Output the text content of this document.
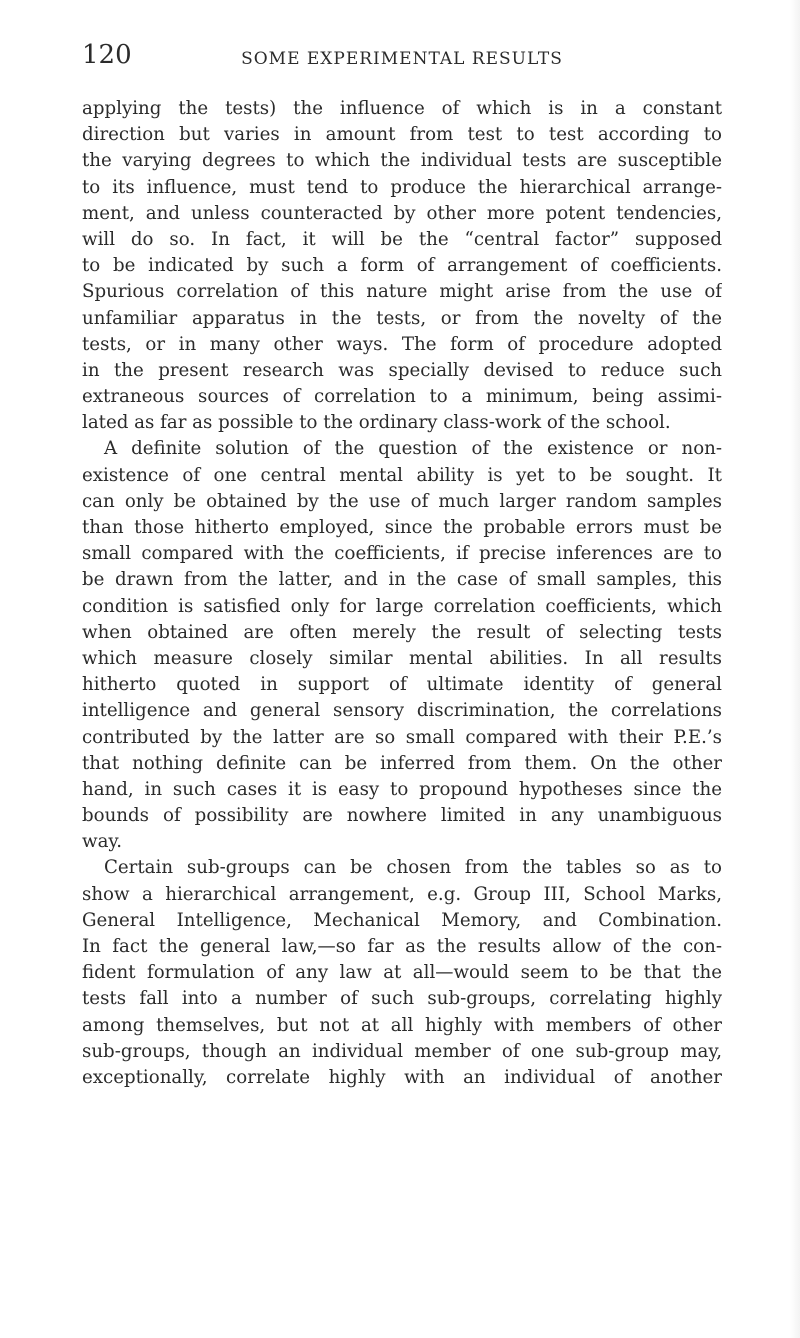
120	SOME EXPERIMENTAL RESULTS
applying the tests) the influence of which is in a constant
direction but varies in amount from test to test according to
the varying degrees to which the individual tests are susceptible
to its influence, must tend to produce the hierarchical arrange-
ment, and unless counteracted by other more potent tendencies,
will do so. In fact, it will be the “central factor” supposed
to be indicated by such a form of arrangement of coefficients.
Spurious correlation of this nature might arise from the use of
unfamiliar apparatus in the tests, or from the novelty of the
tests, or in many other ways. The form of procedure adopted
in the present research was specially devised to reduce such
extraneous sources of correlation to a minimum, being assimi-
lated as far as possible to the ordinary class-work of the school.
A definite solution of the question of the existence or non-
existence of one central mental ability is yet to be sought. It
can only be obtained by the use of much larger random samples
than those hitherto employed, since the probable errors must be
small compared with the coefficients, if precise inferences are to
be drawn from the latter, and in the case of small samples, this
condition is satisfied only for large correlation coefficients, which
when obtained are often merely the result of selecting tests
which measure closely similar mental abilities. In all results
hitherto quoted in support of ultimate identity of general
intelligence and general sensory discrimination, the correlations
contributed by the latter are so small compared with their P.E.’s
that nothing definite can be inferred from them. On the other
hand, in such cases it is easy to propound hypotheses since the
bounds of possibility are nowhere limited in any unambiguous
way.
Certain sub-groups can be chosen from the tables so as to
show a hierarchical arrangement, e.g. Group III, School Marks,
General Intelligence, Mechanical Memory, and Combination.
In fact the general law,—so far as the results allow of the con-
fident formulation of any law at all—would seem to be that the
tests fall into a number of such sub-groups, correlating highly
among themselves, but not at all highly with members of other
sub-groups, though an individual member of one sub-group may,
exceptionally, correlate highly with an individual of another
